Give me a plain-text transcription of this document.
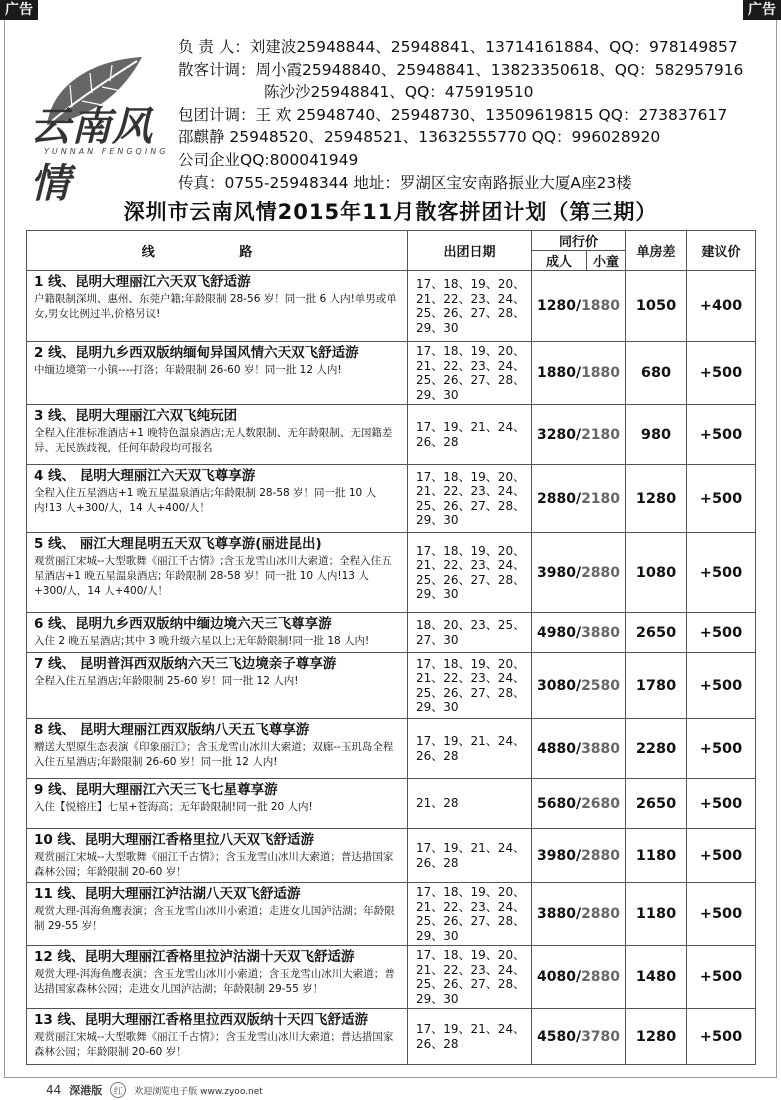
广告	广告
云南风情
YUNNAN FENGQING
负 责 人：刘建波25948844、25948841、13714161884、QQ：978149857
散客计调：周小霞25948840、25948841、13823350618、QQ：582957916
陈沙沙25948841、QQ：475919510
包团计调：王 欢 25948740、25948730、13509619815 QQ：273837617
邵麒静 25948520、25948521、13632555770 QQ：996028920
公司企业QQ:800041949
传真：0755-25948344 地址：罗湖区宝安南路振业大厦A座23楼
深圳市云南风情2015年11月散客拼团计划（第三期）
线 路	出团日期	同行价		单房差	建议价
		成人	小童		

1 线、昆明大理丽江六天双飞舒适游
户籍限制深圳、惠州、东莞户籍;年龄限制 28-56 岁！同一批 6 人内!单男或单女,男女比例过半,价格另议!	17、18、19、20、21、22、23、24、25、26、27、28、29、30	1280/1880		1050	+400

2 线、昆明九乡西双版纳缅甸异国风情六天双飞舒适游
中缅边境第一小镇----打洛；年龄限制 26-60 岁！同一批 12 人内!	17、18、19、20、21、22、23、24、25、26、27、28、29、30	1880/1880		680	+500

3 线、昆明大理丽江六双飞纯玩团
全程入住准标准酒店+1 晚特色温泉酒店;无人数限制、无年龄限制、无国籍差异、无民族歧视，任何年龄段均可报名	17、19、21、24、26、28	3280/2180		980	+500

4 线、 昆明大理丽江六天双飞尊享游
全程入住五星酒店+1 晚五星温泉酒店;年龄限制 28-58 岁！同一批 10 人内!13 人+300/人，14 人+400/人！	17、18、19、20、21、22、23、24、25、26、27、28、29、30	2880/2180		1280	+500

5 线、 丽江大理昆明五天双飞尊享游(丽进昆出)
观赏丽江宋城--大型歌舞《丽江千古情》;含玉龙雪山冰川大索道；全程入住五星酒店+1 晚五星温泉酒店; 年龄限制 28-58 岁！同一批 10 人内!13 人+300/人，14 人+400/人！	17、18、19、20、21、22、23、24、25、26、27、28、29、30	3980/2880		1080	+500

6 线、昆明九乡西双版纳中缅边境六天三飞尊享游
入住 2 晚五星酒店;其中 3 晚升级六星以上;无年龄限制!同一批 18 人内!	18、20、23、25、27、30	4980/3880		2650	+500

7 线、 昆明普洱西双版纳六天三飞边境亲子尊享游
全程入住五星酒店;年龄限制 25-60 岁！同一批 12 人内!	17、18、19、20、21、22、23、24、25、26、27、28、29、30	3080/2580		1780	+500

8 线、 昆明大理丽江西双版纳八天五飞尊享游
赠送大型原生态表演《印象丽江》；含玉龙雪山冰川大索道；双廊--玉玑岛全程入住五星酒店;年龄限制 26-60 岁！同一批 12 人内!	17、19、21、24、26、28	4880/3880		2280	+500

9 线、昆明大理丽江六天三飞七星尊享游
入住【悦榕庄】七星+苍海高；无年龄限制!同一批 20 人内!	21、28	5680/2680		2650	+500

10 线、昆明大理丽江香格里拉八天双飞舒适游
观赏丽江宋城--大型歌舞《丽江千古情》；含玉龙雪山冰川大索道；普达措国家森林公园；年龄限制 20-60 岁！	17、19、21、24、26、28	3980/2880		1180	+500

11 线、昆明大理丽江泸沽湖八天双飞舒适游
观赏大理-洱海鱼鹰表演；含玉龙雪山冰川小索道；走进女儿国泸沽湖；年龄限制 29-55 岁！	17、18、19、20、21、22、23、24、25、26、27、28、29、30	3880/2880		1180	+500

12 线、昆明大理丽江香格里拉泸沽湖十天双飞舒适游
观赏大理-洱海鱼鹰表演；含玉龙雪山冰川小索道；含玉龙雪山冰川大索道；普达措国家森林公园；走进女儿国泸沽湖；年龄限制 29-55 岁！	17、18、19、20、21、22、23、24、25、26、27、28、29、30	4080/2880		1480	+500

13 线、昆明大理丽江香格里拉西双版纳十天四飞舒适游
观赏丽江宋城--大型歌舞《丽江千古情》；含玉龙雪山冰川大索道；普达措国家森林公园；年龄限制 20-60 岁！	17、19、21、24、26、28	4580/3780		1280	+500
44 深港版	红	欢迎浏览电子版 www.zyoo.net
